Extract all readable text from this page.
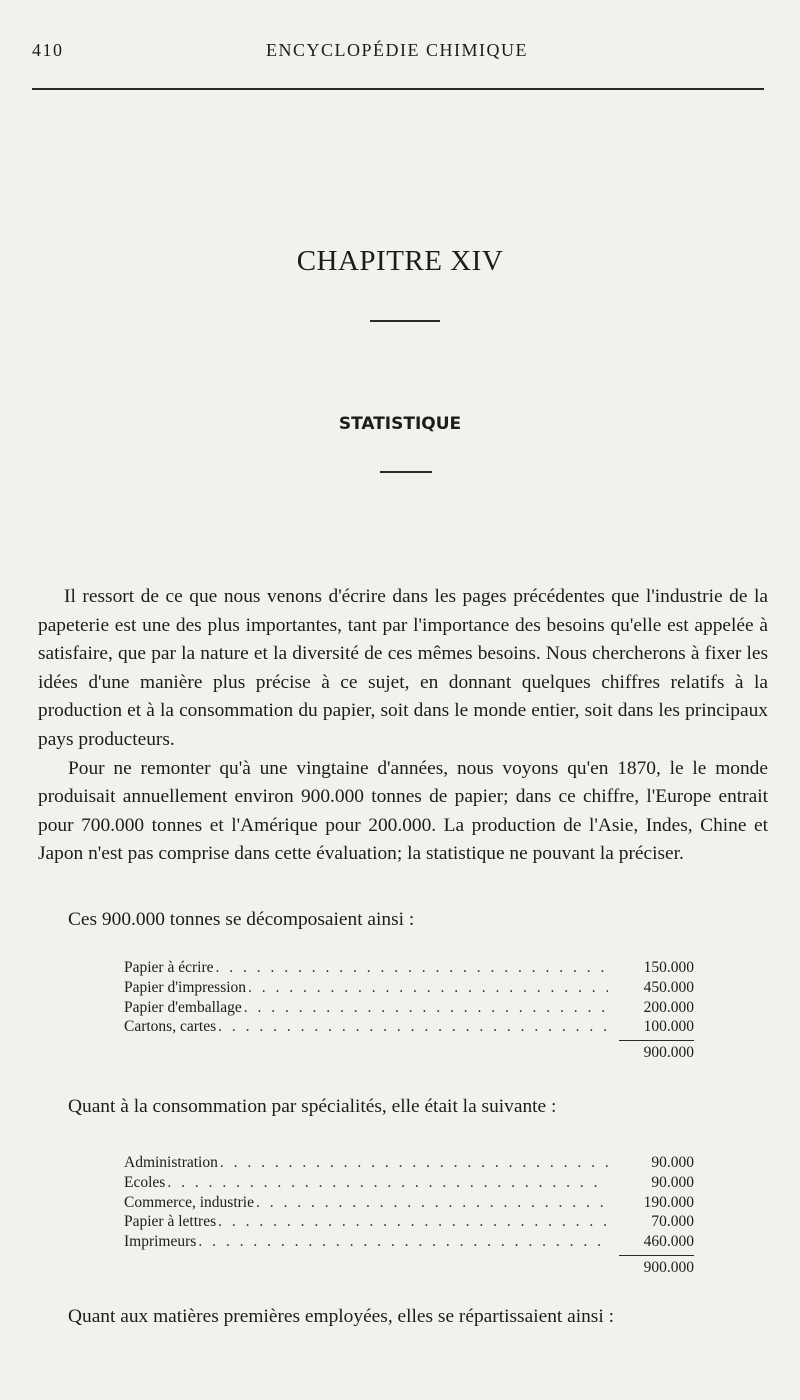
410	ENCYCLOPÉDIE CHIMIQUE
CHAPITRE XIV
STATISTIQUE

Il ressort de ce que nous venons d'écrire dans les pages précédentes que l'industrie de la papeterie est une des plus importantes, tant par l'importance des besoins qu'elle est appelée à satisfaire, que par la nature et la diversité de ces mêmes besoins. Nous chercherons à fixer les idées d'une manière plus précise à ce sujet, en donnant quelques chiffres relatifs à la production et à la consommation du papier, soit dans le monde entier, soit dans les principaux pays producteurs.

Pour ne remonter qu'à une vingtaine d'années, nous voyons qu'en 1870, le le monde produisait annuellement environ 900.000 tonnes de papier; dans ce chiffre, l'Europe entrait pour 700.000 tonnes et l'Amérique pour 200.000. La production de l'Asie, Indes, Chine et Japon n'est pas comprise dans cette évaluation; la statistique ne pouvant la préciser.

Ces 900.000 tonnes se décomposaient ainsi :
Papier à écrire . . .	150.000
Papier d'impression . . .	450.000
Papier d'emballage . . .	200.000
Cartons, cartes . . .	100.000
900.000
Quant à la consommation par spécialités, elle était la suivante :
Administration . . .	90.000
Ecoles . . .	90.000
Commerce, industrie . . .	190.000
Papier à lettres . . .	70.000
Imprimeurs . . .	460.000
900.000
Quant aux matières premières employées, elles se répartissaient ainsi :
